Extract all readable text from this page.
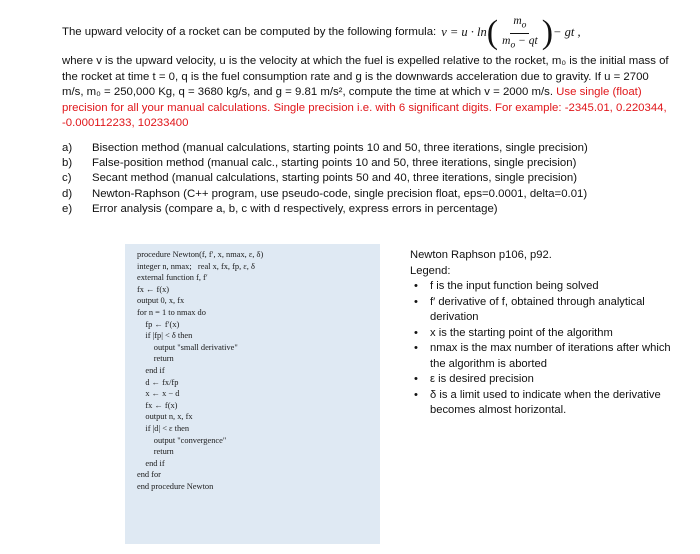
The upward velocity of a rocket can be computed by the following formula: v = u · ln ( $\frac{m_o}{m_o - qt}$ ) − gt ,
where v is the upward velocity, u is the velocity at which the fuel is expelled relative to the rocket, m₀ is the initial mass of the rocket at time t = 0, q is the fuel consumption rate and g is the downwards acceleration due to gravity. If u = 2700 m/s, m₀ = 250,000 Kg, q = 3680 kg/s, and g = 9.81 m/s², compute the time at which v = 2000 m/s. Use single (float) precision for all your manual calculations. Single precision i.e. with 6 significant digits. For example: -2345.01, 0.220344, -0.000112233, 10233400
a)	Bisection method (manual calculations, starting points 10 and 50, three iterations, single precision)
b)	False-position method (manual calc., starting points 10 and 50, three iterations, single precision)
c)	Secant method (manual calculations, starting points 50 and 40, three iterations, single precision)
d)	Newton-Raphson (C++ program, use pseudo-code, single precision float, eps=0.0001, delta=0.01)
e)	Error analysis (compare a, b, c with d respectively, express errors in percentage)
procedure Newton(f, f′, x, nmax, ε, δ)
integer n, nmax;   real x, fx, fp, ε, δ
external function f, f′
fx ← f(x)
output 0, x, fx
for n = 1 to nmax do
fp ← f′(x)
if |fp| < δ then
output "small derivative"
return
end if
d ← fx/fp
x ← x − d
fx ← f(x)
output n, x, fx
if |d| < ε then
output "convergence"
return
end if
end for
end procedure Newton
Newton Raphson p106, p92.
Legend:
• f is the input function being solved
• f′ derivative of f, obtained through analytical derivation
• x is the starting point of the algorithm
• nmax is the max number of iterations after which the algorithm is aborted
• ε is desired precision
• δ is a limit used to indicate when the derivative becomes almost horizontal.
